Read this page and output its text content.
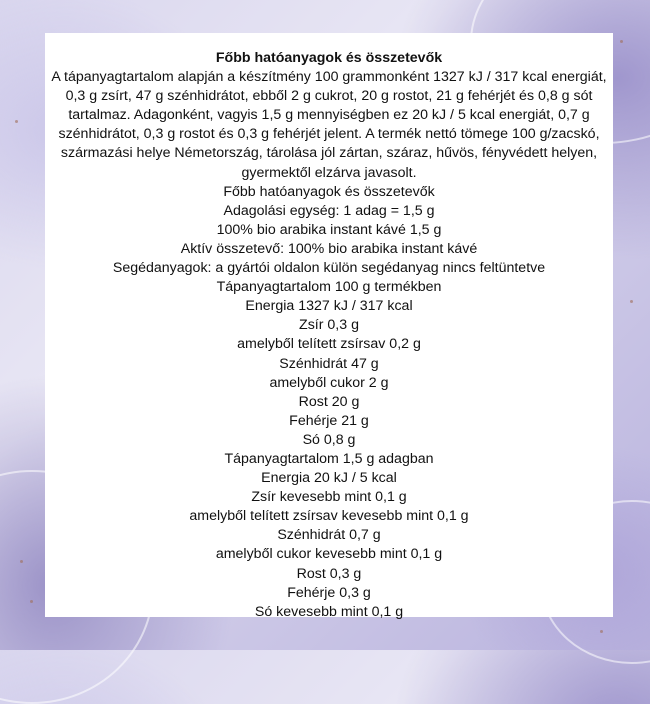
Főbb hatóanyagok és összetevők
A tápanyagtartalom alapján a készítmény 100 grammonként 1327 kJ / 317 kcal energiát,
0,3 g zsírt, 47 g szénhidrátot, ebből 2 g cukrot, 20 g rostot, 21 g fehérjét és 0,8 g sót
tartalmaz. Adagonként, vagyis 1,5 g mennyiségben ez 20 kJ / 5 kcal energiát, 0,7 g
szénhidrátot, 0,3 g rostot és 0,3 g fehérjét jelent. A termék nettó tömege 100 g/zacskó,
származási helye Németország, tárolása jól zártan, száraz, hűvös, fényvédett helyen,
gyermektől elzárva javasolt.
Főbb hatóanyagok és összetevők
Adagolási egység: 1 adag = 1,5 g
100% bio arabika instant kávé 1,5 g
Aktív összetevő: 100% bio arabika instant kávé
Segédanyagok: a gyártói oldalon külön segédanyag nincs feltüntetve
Tápanyagtartalom 100 g termékben
Energia 1327 kJ / 317 kcal
Zsír 0,3 g
amelyből telített zsírsav 0,2 g
Szénhidrát 47 g
amelyből cukor 2 g
Rost 20 g
Fehérje 21 g
Só 0,8 g
Tápanyagtartalom 1,5 g adagban
Energia 20 kJ / 5 kcal
Zsír kevesebb mint 0,1 g
amelyből telített zsírsav kevesebb mint 0,1 g
Szénhidrát 0,7 g
amelyből cukor kevesebb mint 0,1 g
Rost 0,3 g
Fehérje 0,3 g
Só kevesebb mint 0,1 g
